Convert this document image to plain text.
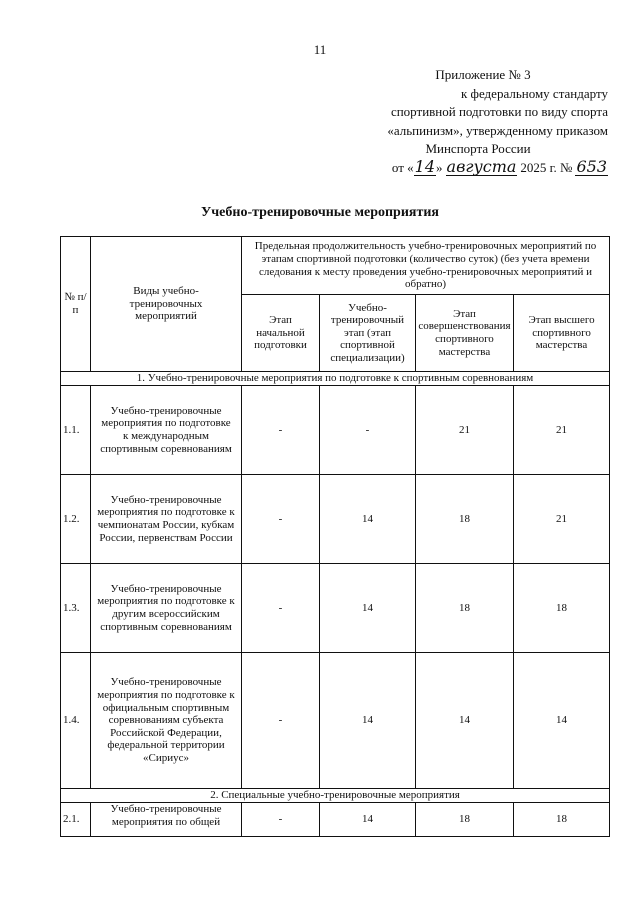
11
Приложение № 3
к федеральному стандарту
спортивной подготовки по виду спорта
«альпинизм», утвержденному приказом
Минспорта России
от « 14 » августа 2025 г. № 653
Учебно-тренировочные мероприятия
№ п/п	Виды учебно-тренировочных мероприятий	Предельная продолжительность учебно-тренировочных мероприятий по этапам спортивной подготовки (количество суток) (без учета времени следования к месту проведения учебно-тренировочных мероприятий и обратно)			
		Этап начальной подготовки	Учебно-тренировочный этап (этап спортивной специализации)	Этап совершенствования спортивного мастерства	Этап высшего спортивного мастерства
1. Учебно-тренировочные мероприятия по подготовке к спортивным соревнованиям					
1.1.	Учебно-тренировочные мероприятия по подготовке к международным спортивным соревнованиям	-	-	21	21
1.2.	Учебно-тренировочные мероприятия по подготовке к чемпионатам России, кубкам России, первенствам России	-	14	18	21
1.3.	Учебно-тренировочные мероприятия по подготовке к другим всероссийским спортивным соревнованиям	-	14	18	18
1.4.	Учебно-тренировочные мероприятия по подготовке к официальным спортивным соревнованиям субъекта Российской Федерации, федеральной территории «Сириус»	-	14	14	14
2. Специальные учебно-тренировочные мероприятия					
2.1.	Учебно-тренировочные мероприятия по общей	-	14	18	18
